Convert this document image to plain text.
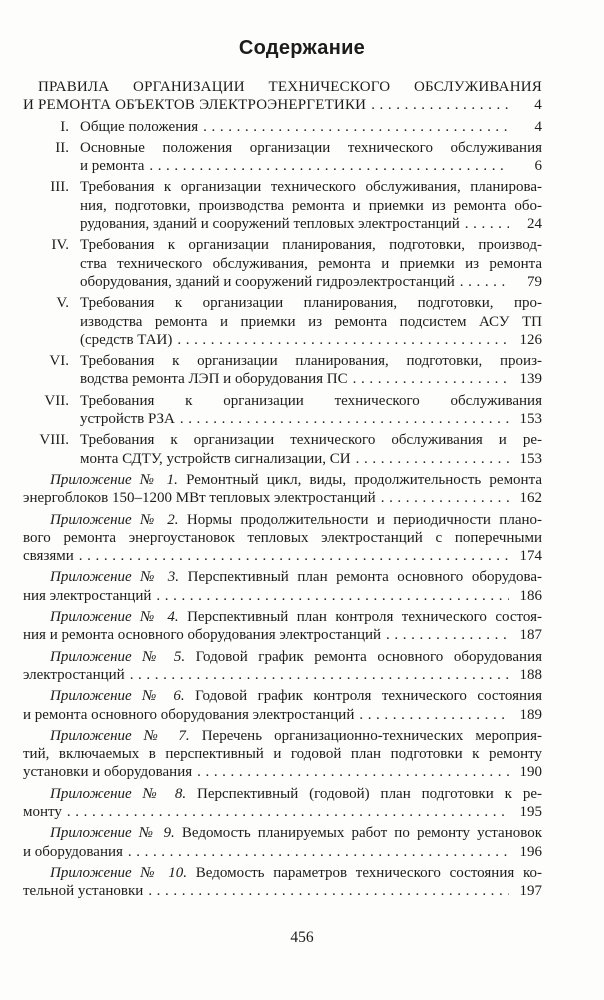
Содержание
ПРАВИЛА ОРГАНИЗАЦИИ ТЕХНИЧЕСКОГО ОБСЛУЖИВАНИЯ
И РЕМОНТА ОБЪЕКТОВ ЭЛЕКТРОЭНЕРГЕТИКИ .....	4
I. Общие положения .....	4
II. Основные положения организации технического обслуживания
и ремонта .....	6
III. Требования к организации технического обслуживания, планирова-
ния, подготовки, производства ремонта и приемки из ремонта обо-
рудования, зданий и сооружений тепловых электростанций .....	24
IV. Требования к организации планирования, подготовки, производ-
ства технического обслуживания, ремонта и приемки из ремонта
оборудования, зданий и сооружений гидроэлектростанций .....	79
V. Требования к организации планирования, подготовки, про-
изводства ремонта и приемки из ремонта подсистем АСУ ТП
(средств ТАИ) .....	126
VI. Требования к организации планирования, подготовки, произ-
водства ремонта ЛЭП и оборудования ПС .....	139
VII. Требования к организации технического обслуживания
устройств РЗА .....	153
VIII. Требования к организации технического обслуживания и ре-
монта СДТУ, устройств сигнализации, СИ .....	153
Приложение № 1. Ремонтный цикл, виды, продолжительность ремонта
энергоблоков 150–1200 МВт тепловых электростанций .....	162
Приложение № 2. Нормы продолжительности и периодичности плано-
вого ремонта энергоустановок тепловых электростанций с поперечными
связями .....	174
Приложение № 3. Перспективный план ремонта основного оборудова-
ния электростанций .....	186
Приложение № 4. Перспективный план контроля технического состоя-
ния и ремонта основного оборудования электростанций .....	187
Приложение № 5. Годовой график ремонта основного оборудования
электростанций .....	188
Приложение № 6. Годовой график контроля технического состояния
и ремонта основного оборудования электростанций .....	189
Приложение № 7. Перечень организационно-технических мероприя-
тий, включаемых в перспективный и годовой план подготовки к ремонту
установки и оборудования .....	190
Приложение № 8. Перспективный (годовой) план подготовки к ре-
монту .....	195
Приложение № 9. Ведомость планируемых работ по ремонту установок
и оборудования .....	196
Приложение № 10. Ведомость параметров технического состояния ко-
тельной установки .....	197
456
